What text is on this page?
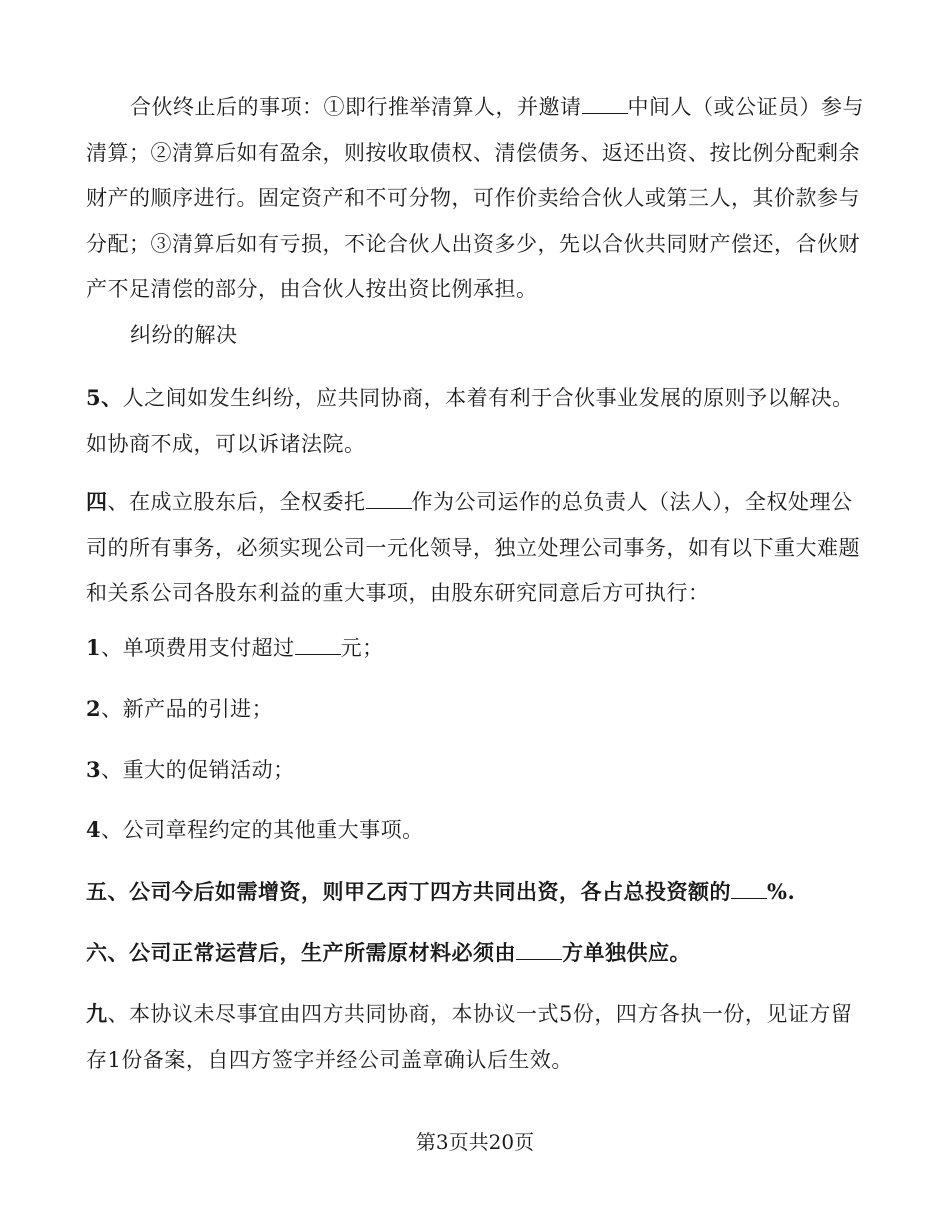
合伙终止后的事项：①即行推举清算人，并邀请 中间人（或公证员）参与清算；②清算后如有盈余，则按收取债权、清偿债务、返还出资、按比例分配剩余财产的顺序进行。固定资产和不可分物，可作价卖给合伙人或第三人，其价款参与分配；③清算后如有亏损，不论合伙人出资多少，先以合伙共同财产偿还，合伙财产不足清偿的部分，由合伙人按出资比例承担。

纠纷的解决

5、人之间如发生纠纷，应共同协商，本着有利于合伙事业发展的原则予以解决。如协商不成，可以诉诸法院。

四、在成立股东后，全权委托 作为公司运作的总负责人（法人），全权处理公司的所有事务，必须实现公司一元化领导，独立处理公司事务，如有以下重大难题和关系公司各股东利益的重大事项，由股东研究同意后方可执行：

1、单项费用支付超过 元；

2、新产品的引进；

3、重大的促销活动；

4、公司章程约定的其他重大事项。

五、公司今后如需增资，则甲乙丙丁四方共同出资，各占总投资额的 %.

六、公司正常运营后，生产所需原材料必须由 方单独供应。

九、本协议未尽事宜由四方共同协商，本协议一式5份，四方各执一份，见证方留存1份备案，自四方签字并经公司盖章确认后生效。

第3页共20页
